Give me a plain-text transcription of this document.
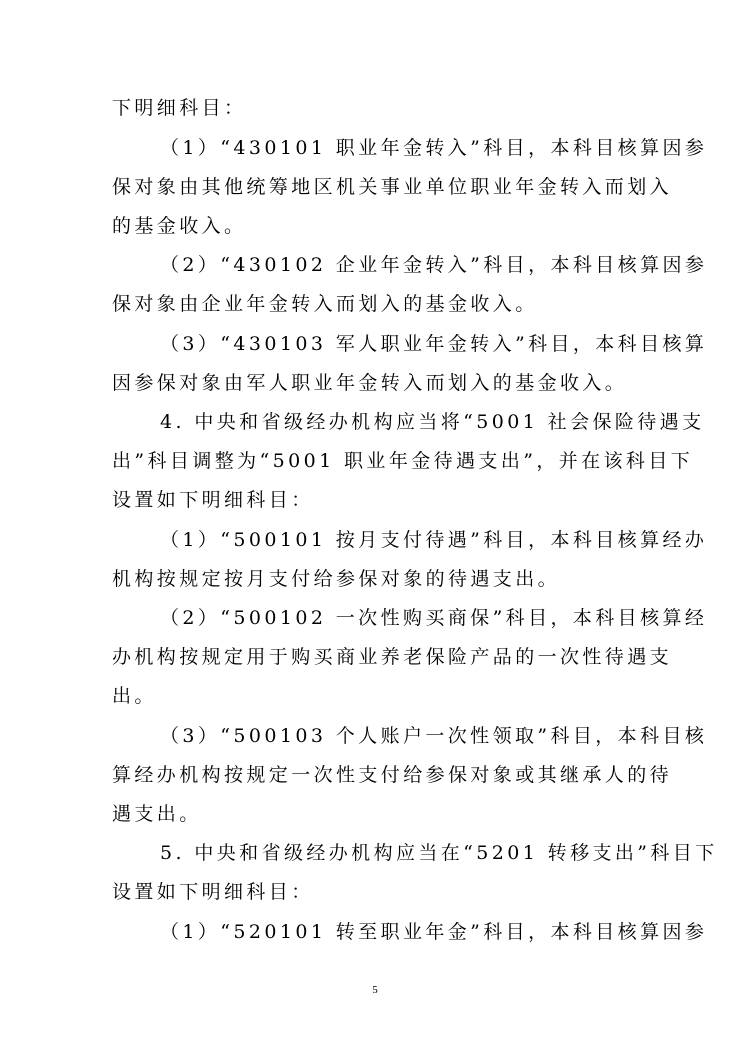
下明细科目：
（1）“430101 职业年金转入”科目，本科目核算因参
保对象由其他统筹地区机关事业单位职业年金转入而划入
的基金收入。
（2）“430102 企业年金转入”科目，本科目核算因参
保对象由企业年金转入而划入的基金收入。
（3）“430103 军人职业年金转入”科目，本科目核算
因参保对象由军人职业年金转入而划入的基金收入。
4. 中央和省级经办机构应当将“5001 社会保险待遇支
出”科目调整为“5001 职业年金待遇支出”，并在该科目下
设置如下明细科目：
（1）“500101 按月支付待遇”科目，本科目核算经办
机构按规定按月支付给参保对象的待遇支出。
（2）“500102 一次性购买商保”科目，本科目核算经
办机构按规定用于购买商业养老保险产品的一次性待遇支
出。
（3）“500103 个人账户一次性领取”科目，本科目核
算经办机构按规定一次性支付给参保对象或其继承人的待
遇支出。
5. 中央和省级经办机构应当在“5201 转移支出”科目下
设置如下明细科目：
（1）“520101 转至职业年金”科目，本科目核算因参
5
